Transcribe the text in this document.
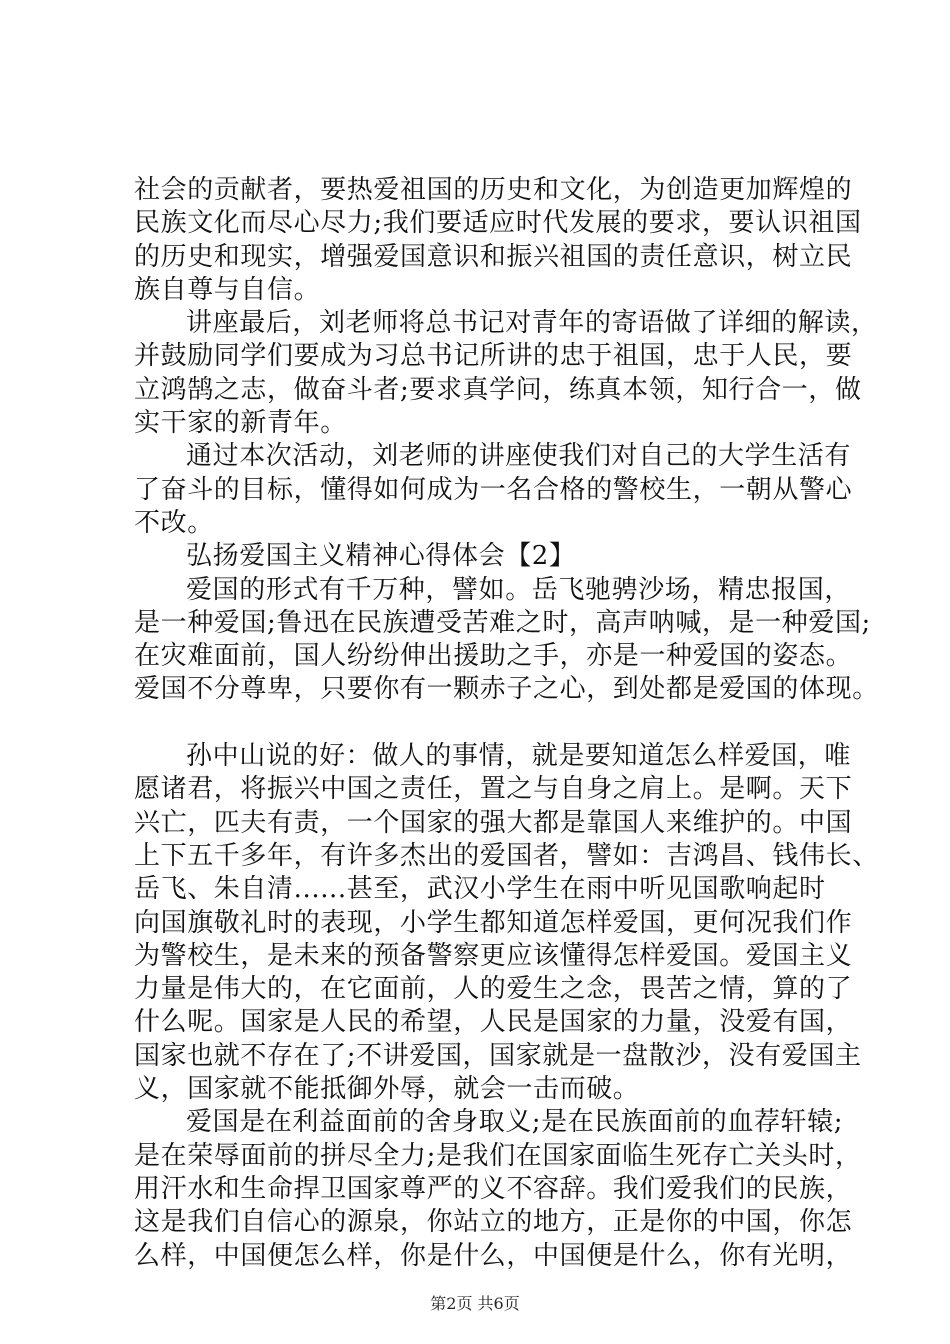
社会的贡献者，要热爱祖国的历史和文化，为创造更加辉煌的
民族文化而尽心尽力;我们要适应时代发展的要求，要认识祖国
的历史和现实，增强爱国意识和振兴祖国的责任意识，树立民
族自尊与自信。
讲座最后，刘老师将总书记对青年的寄语做了详细的解读，
并鼓励同学们要成为习总书记所讲的忠于祖国，忠于人民，要
立鸿鹄之志，做奋斗者;要求真学问，练真本领，知行合一，做
实干家的新青年。
通过本次活动，刘老师的讲座使我们对自己的大学生活有
了奋斗的目标，懂得如何成为一名合格的警校生，一朝从警心
不改。
弘扬爱国主义精神心得体会【2】
爱国的形式有千万种，譬如。岳飞驰骋沙场，精忠报国，
是一种爱国;鲁迅在民族遭受苦难之时，高声呐喊，是一种爱国;
在灾难面前，国人纷纷伸出援助之手，亦是一种爱国的姿态。
爱国不分尊卑，只要你有一颗赤子之心，到处都是爱国的体现。
孙中山说的好：做人的事情，就是要知道怎么样爱国，唯
愿诸君，将振兴中国之责任，置之与自身之肩上。是啊。天下
兴亡，匹夫有责，一个国家的强大都是靠国人来维护的。中国
上下五千多年，有许多杰出的爱国者，譬如：吉鸿昌、钱伟长、
岳飞、朱自清......甚至，武汉小学生在雨中听见国歌响起时
向国旗敬礼时的表现，小学生都知道怎样爱国，更何况我们作
为警校生，是未来的预备警察更应该懂得怎样爱国。爱国主义
力量是伟大的，在它面前，人的爱生之念，畏苦之情，算的了
什么呢。国家是人民的希望，人民是国家的力量，没爱有国，
国家也就不存在了;不讲爱国，国家就是一盘散沙，没有爱国主
义，国家就不能抵御外辱，就会一击而破。
爱国是在利益面前的舍身取义;是在民族面前的血荐轩辕;
是在荣辱面前的拼尽全力;是我们在国家面临生死存亡关头时，
用汗水和生命捍卫国家尊严的义不容辞。我们爱我们的民族，
这是我们自信心的源泉，你站立的地方，正是你的中国，你怎
么样，中国便怎么样，你是什么，中国便是什么，你有光明，
第2页 共6页
